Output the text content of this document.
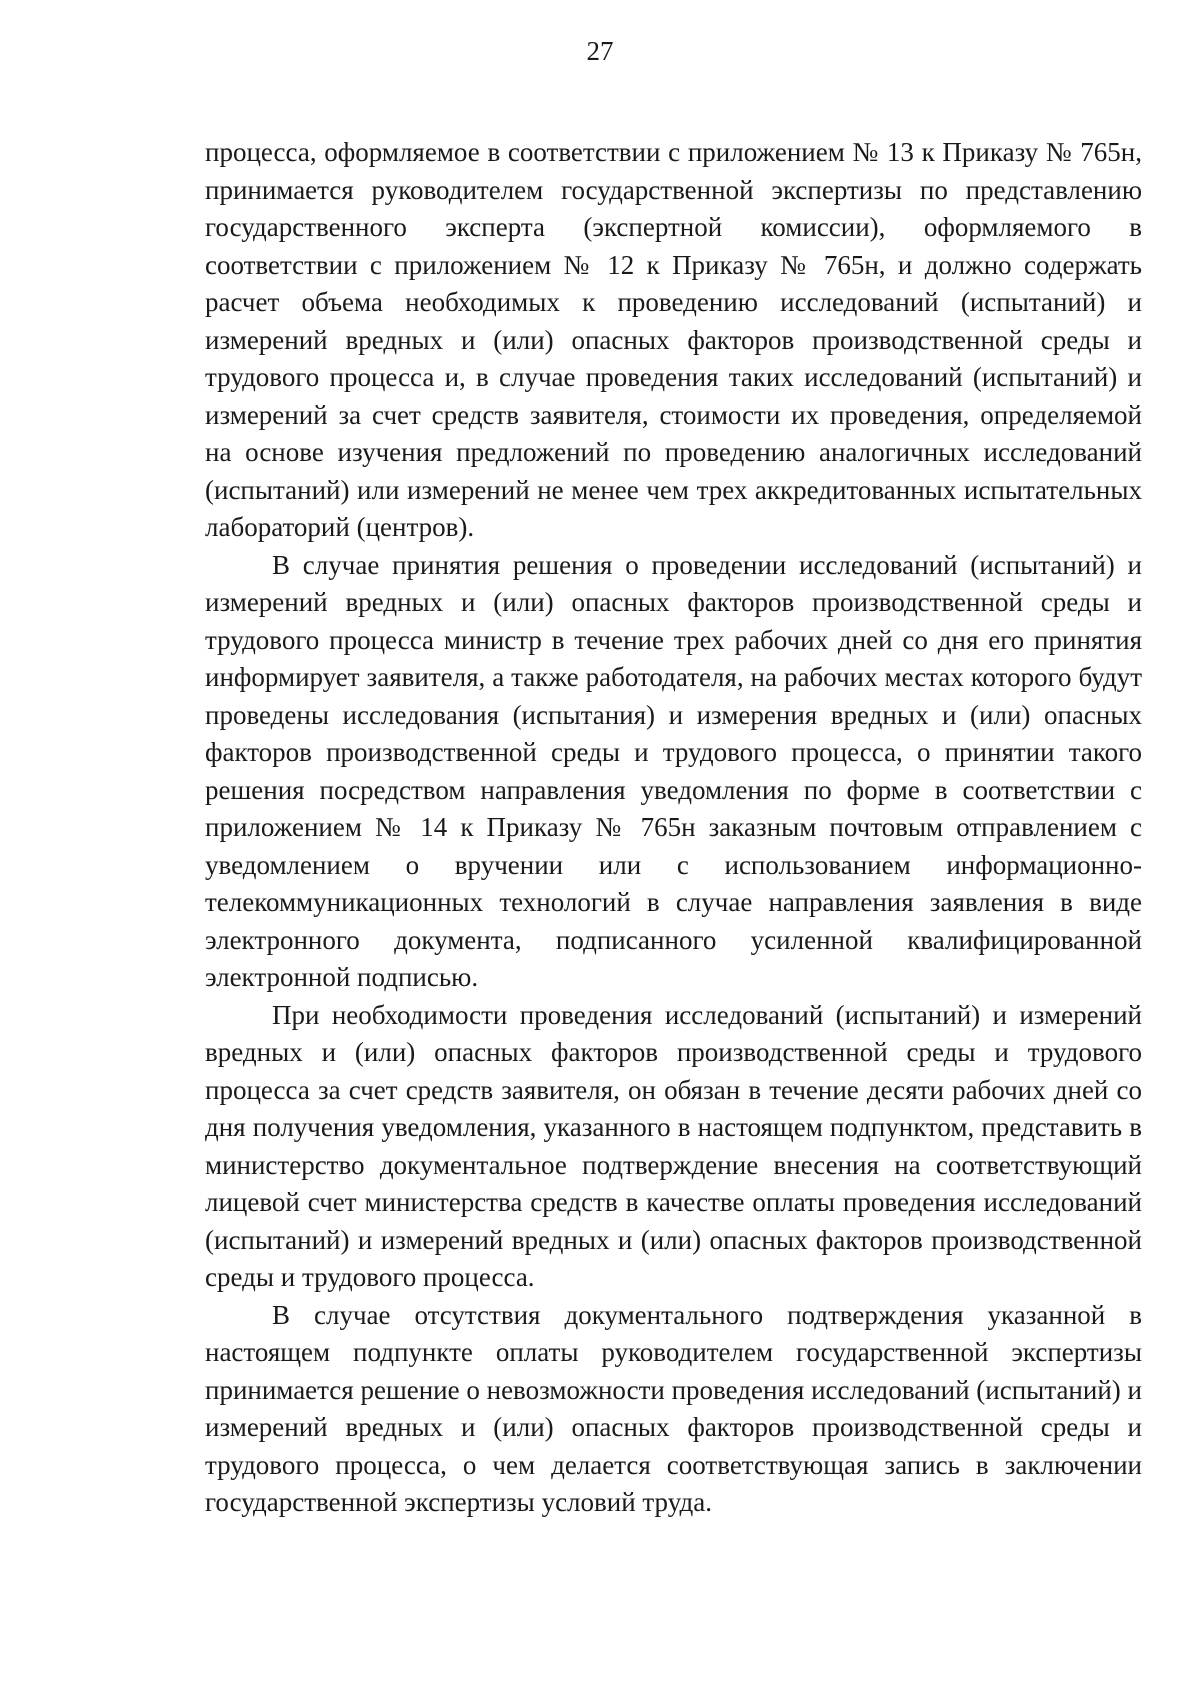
27

процесса, оформляемое в соответствии с приложением № 13 к Приказу № 765н, принимается руководителем государственной экспертизы по представлению государственного эксперта (экспертной комиссии), оформляемого в соответствии с приложением № 12 к Приказу № 765н, и должно содержать расчет объема необходимых к проведению исследований (испытаний) и измерений вредных и (или) опасных факторов производственной среды и трудового процесса и, в случае проведения таких исследований (испытаний) и измерений за счет средств заявителя, стоимости их проведения, определяемой на основе изучения предложений по проведению аналогичных исследований (испытаний) или измерений не менее чем трех аккредитованных испытательных лабораторий (центров).

В случае принятия решения о проведении исследований (испытаний) и измерений вредных и (или) опасных факторов производственной среды и трудового процесса министр в течение трех рабочих дней со дня его принятия информирует заявителя, а также работодателя, на рабочих местах которого будут проведены исследования (испытания) и измерения вредных и (или) опасных факторов производственной среды и трудового процесса, о принятии такого решения посредством направления уведомления по форме в соответствии с приложением № 14 к Приказу № 765н заказным почтовым отправлением с уведомлением о вручении или с использованием информационно-телекоммуникационных технологий в случае направления заявления в виде электронного документа, подписанного усиленной квалифицированной электронной подписью.

При необходимости проведения исследований (испытаний) и измерений вредных и (или) опасных факторов производственной среды и трудового процесса за счет средств заявителя, он обязан в течение десяти рабочих дней со дня получения уведомления, указанного в настоящем подпунктом, представить в министерство документальное подтверждение внесения на соответствующий лицевой счет министерства средств в качестве оплаты проведения исследований (испытаний) и измерений вредных и (или) опасных факторов производственной среды и трудового процесса.

В случае отсутствия документального подтверждения указанной в настоящем подпункте оплаты руководителем государственной экспертизы принимается решение о невозможности проведения исследований (испытаний) и измерений вредных и (или) опасных факторов производственной среды и трудового процесса, о чем делается соответствующая запись в заключении государственной экспертизы условий труда.
